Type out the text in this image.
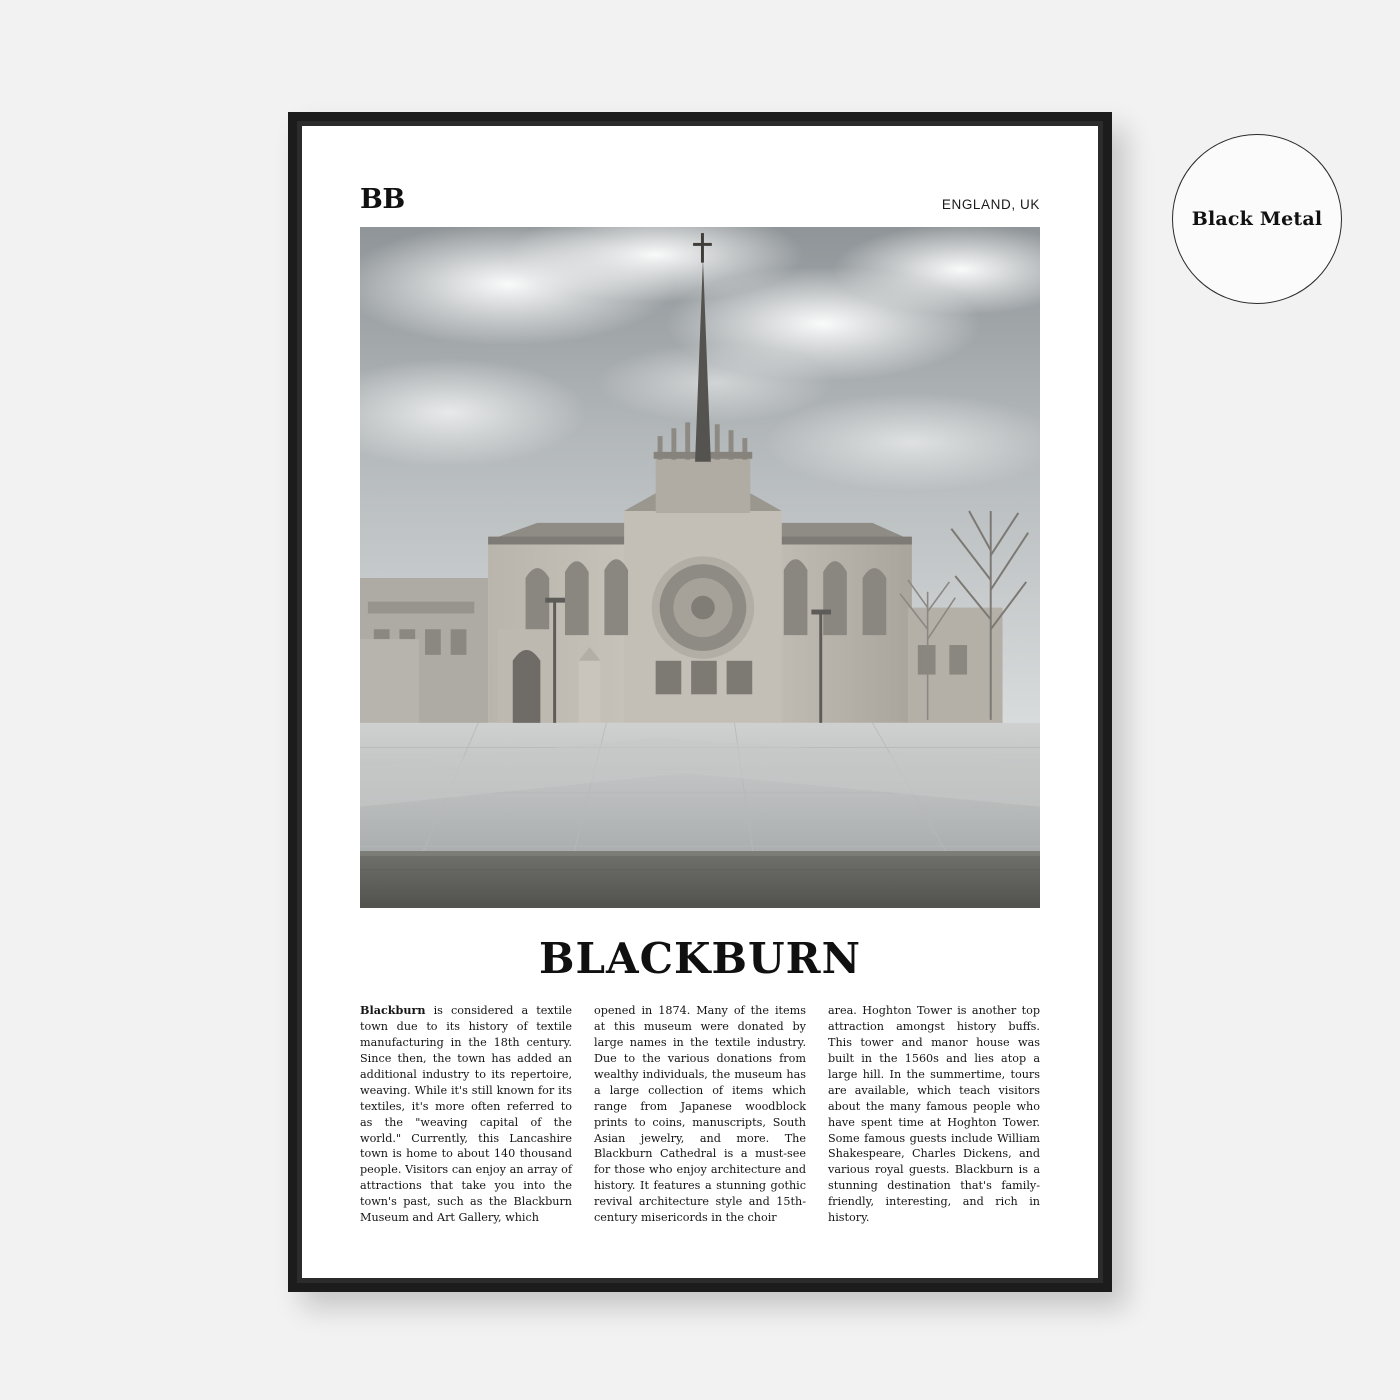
BB	ENGLAND, UK
BLACKBURN
Blackburn is considered a textile town due to its history of textile manufacturing in the 18th century. Since then, the town has added an additional industry to its repertoire, weaving. While it's still known for its textiles, it's more often referred to as the "weaving capital of the world." Currently, this Lancashire town is home to about 140 thousand people. Visitors can enjoy an array of attractions that take you into the town's past, such as the Blackburn Museum and Art Gallery, which
opened in 1874. Many of the items at this museum were donated by large names in the textile industry. Due to the various donations from wealthy individuals, the museum has a large collection of items which range from Japanese woodblock prints to coins, manuscripts, South Asian jewelry, and more. The Blackburn Cathedral is a must-see for those who enjoy architecture and history. It features a stunning gothic revival architecture style and 15th-century misericords in the choir
area. Hoghton Tower is another top attraction amongst history buffs. This tower and manor house was built in the 1560s and lies atop a large hill. In the summertime, tours are available, which teach visitors about the many famous people who have spent time at Hoghton Tower. Some famous guests include William Shakespeare, Charles Dickens, and various royal guests. Blackburn is a stunning destination that's family-friendly, interesting, and rich in history.
Black Metal
